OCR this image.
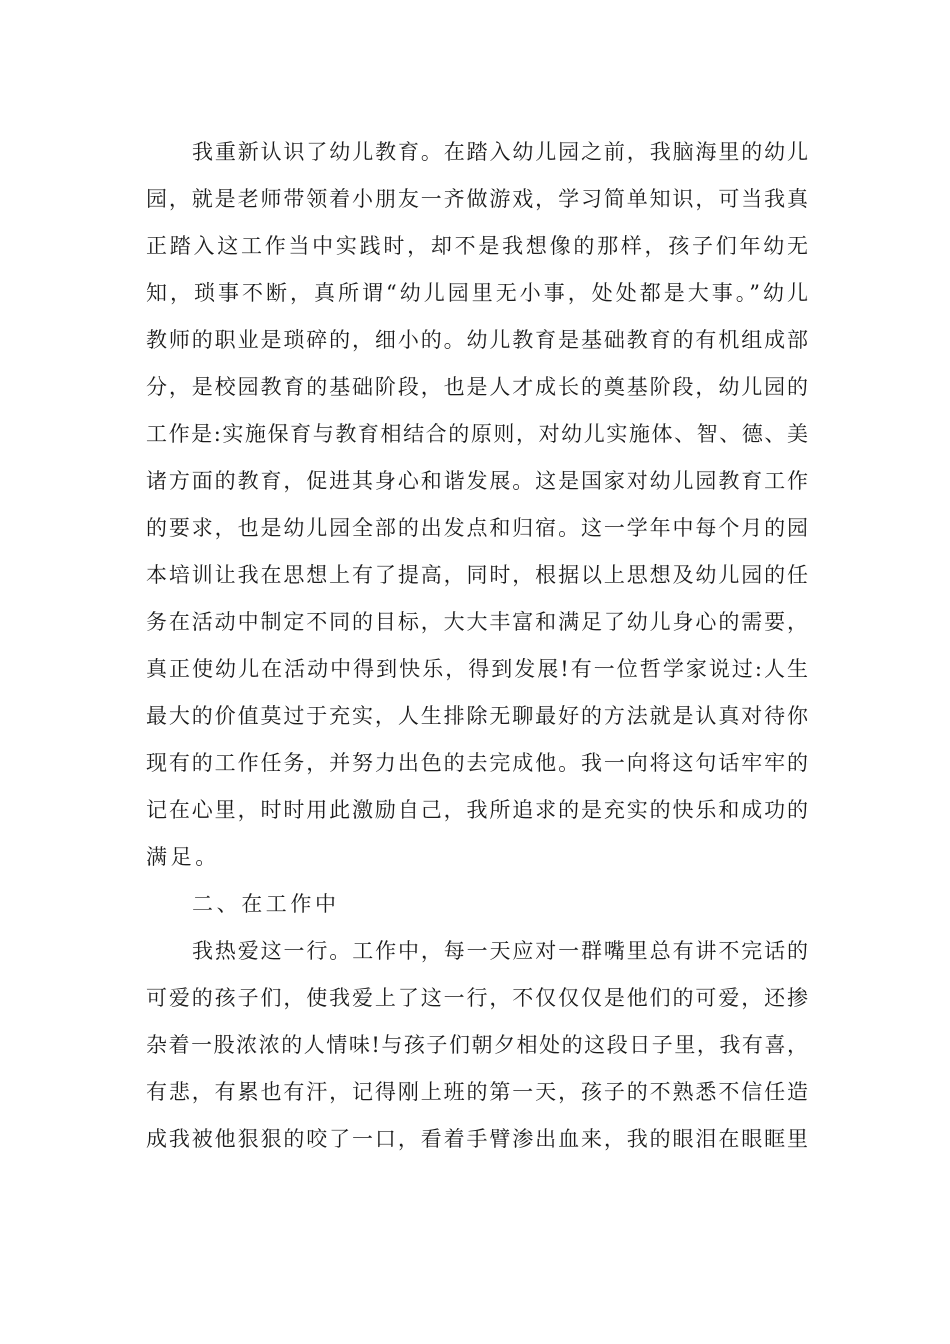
我重新认识了幼儿教育。在踏入幼儿园之前，我脑海里的幼儿
园，就是老师带领着小朋友一齐做游戏，学习简单知识，可当我真
正踏入这工作当中实践时，却不是我想像的那样，孩子们年幼无
知，琐事不断，真所谓“幼儿园里无小事，处处都是大事。”幼儿
教师的职业是琐碎的，细小的。幼儿教育是基础教育的有机组成部
分，是校园教育的基础阶段，也是人才成长的奠基阶段，幼儿园的
工作是:实施保育与教育相结合的原则，对幼儿实施体、智、德、美
诸方面的教育，促进其身心和谐发展。这是国家对幼儿园教育工作
的要求，也是幼儿园全部的出发点和归宿。这一学年中每个月的园
本培训让我在思想上有了提高，同时，根据以上思想及幼儿园的任
务在活动中制定不同的目标，大大丰富和满足了幼儿身心的需要，
真正使幼儿在活动中得到快乐，得到发展!有一位哲学家说过:人生
最大的价值莫过于充实，人生排除无聊最好的方法就是认真对待你
现有的工作任务，并努力出色的去完成他。我一向将这句话牢牢的
记在心里，时时用此激励自己，我所追求的是充实的快乐和成功的
满足。
二、在工作中
我热爱这一行。工作中，每一天应对一群嘴里总有讲不完话的
可爱的孩子们，使我爱上了这一行，不仅仅仅是他们的可爱，还掺
杂着一股浓浓的人情味!与孩子们朝夕相处的这段日子里，我有喜，
有悲，有累也有汗，记得刚上班的第一天，孩子的不熟悉不信任造
成我被他狠狠的咬了一口，看着手臂渗出血来，我的眼泪在眼眶里
